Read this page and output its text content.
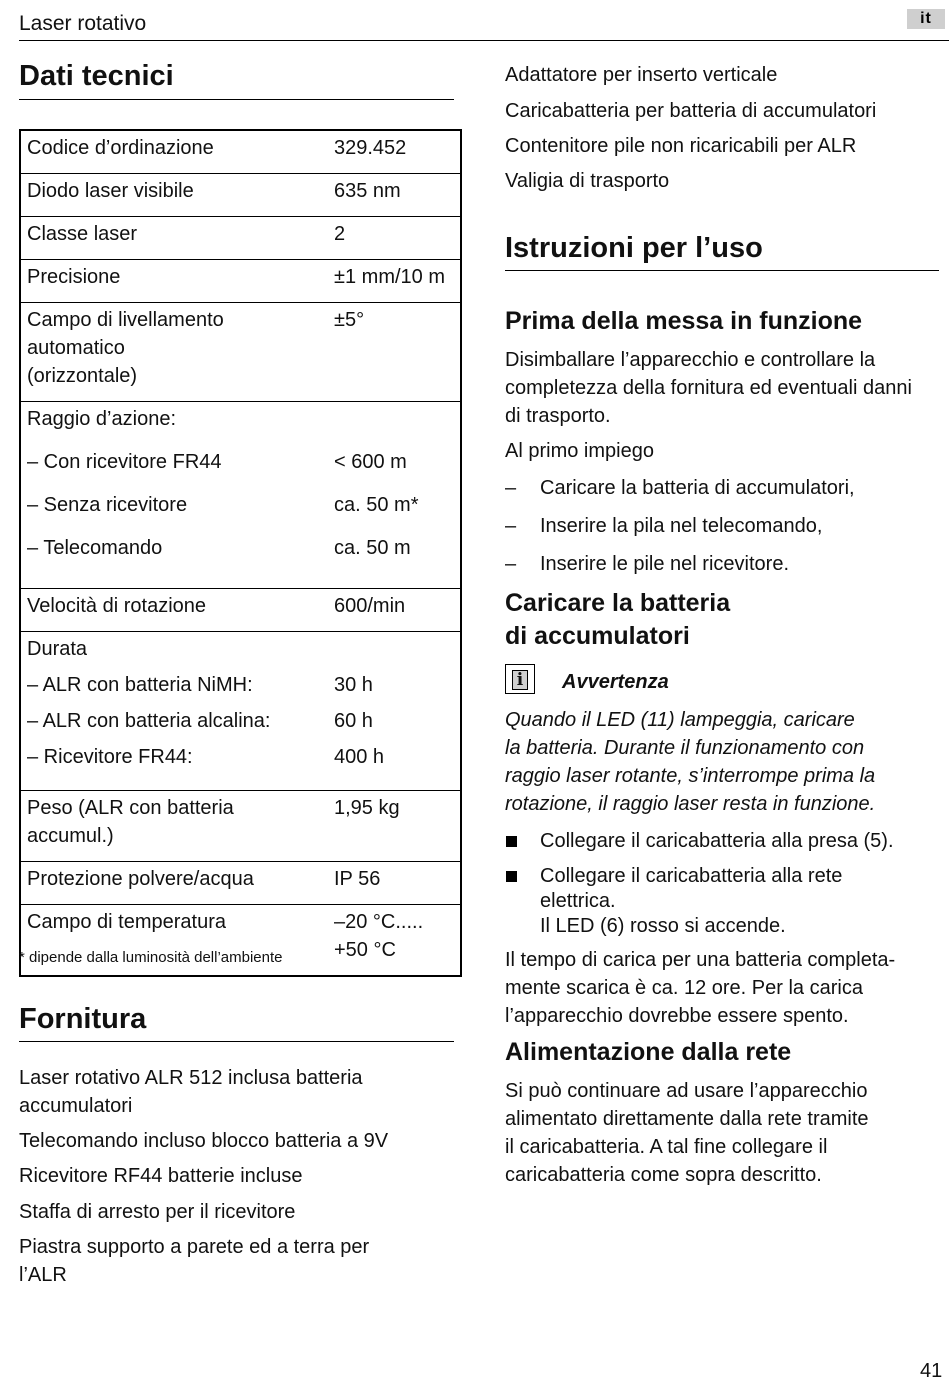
Laser rotativo	it
Dati tecnici
Codice d’ordinazione	329.452
Diodo laser visibile	635 nm
Classe laser	2
Precisione	±1 mm/10 m
Campo di livellamento	±5°
automatico
(orizzontale)
Raggio d’azione:
– Con ricevitore FR44	< 600 m
– Senza ricevitore	ca. 50 m*
– Telecomando	ca. 50 m
Velocità di rotazione	600/min
Durata
– ALR con batteria NiMH:	30 h
– ALR con batteria alcalina:	60 h
– Ricevitore FR44:	400 h
Peso (ALR con batteria	1,95 kg
accumul.)
Protezione polvere/acqua	IP 56
Campo di temperatura	–20 °C.....
+50 °C
* dipende dalla luminosità dell’ambiente
Fornitura
Laser rotativo ALR 512 inclusa batteria
accumulatori
Telecomando incluso blocco batteria a 9V
Ricevitore RF44 batterie incluse
Staffa di arresto per il ricevitore
Piastra supporto a parete ed a terra per
l’ALR
Adattatore per inserto verticale
Caricabatteria per batteria di accumulatori
Contenitore pile non ricaricabili per ALR
Valigia di trasporto
Istruzioni per l’uso
Prima della messa in funzione
Disimballare l’apparecchio e controllare la
completezza della fornitura ed eventuali danni
di trasporto.
Al primo impiego
– Caricare la batteria di accumulatori,
– Inserire la pila nel telecomando,
– Inserire le pile nel ricevitore.
Caricare la batteria
di accumulatori
i Avvertenza
Quando il LED (11) lampeggia, caricare
la batteria. Durante il funzionamento con
raggio laser rotante, s’interrompe prima la
rotazione, il raggio laser resta in funzione.
Collegare il caricabatteria alla presa (5).
Collegare il caricabatteria alla rete
elettrica.
Il LED (6) rosso si accende.
Il tempo di carica per una batteria completa-
mente scarica è ca. 12 ore. Per la carica
l’apparecchio dovrebbe essere spento.
Alimentazione dalla rete
Si può continuare ad usare l’apparecchio
alimentato direttamente dalla rete tramite
il caricabatteria. A tal fine collegare il
caricabatteria come sopra descritto.
41
